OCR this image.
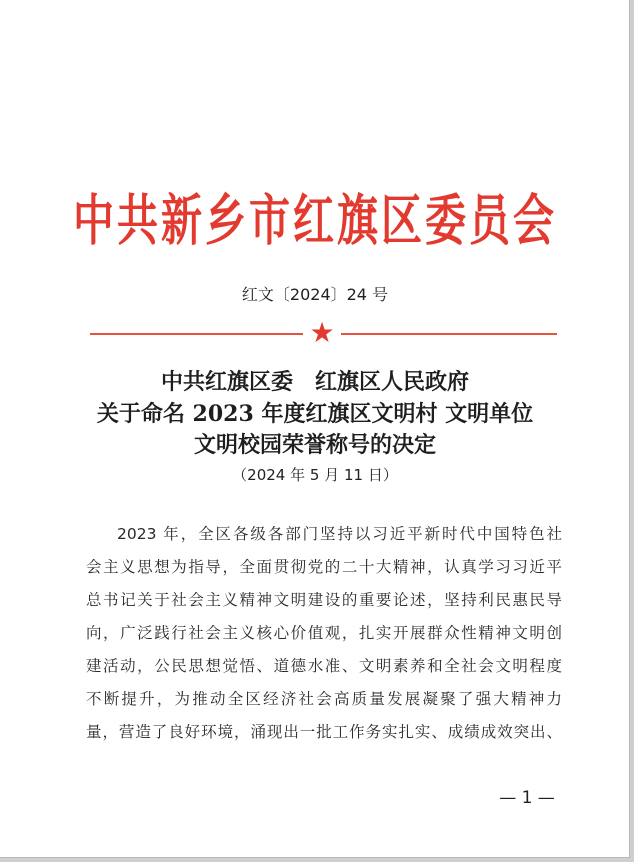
中共新乡市红旗区委员会
红文〔2024〕24 号
★
中共红旗区委　红旗区人民政府
关于命名 2023 年度红旗区文明村 文明单位
文明校园荣誉称号的决定
（2024 年 5 月 11 日）
2023 年，全区各级各部门坚持以习近平新时代中国特色社
会主义思想为指导，全面贯彻党的二十大精神，认真学习习近平
总书记关于社会主义精神文明建设的重要论述，坚持利民惠民导
向，广泛践行社会主义核心价值观，扎实开展群众性精神文明创
建活动，公民思想觉悟、道德水准、文明素养和全社会文明程度
不断提升，为推动全区经济社会高质量发展凝聚了强大精神力
量，营造了良好环境，涌现出一批工作务实扎实、成绩成效突出、
— 1 —
